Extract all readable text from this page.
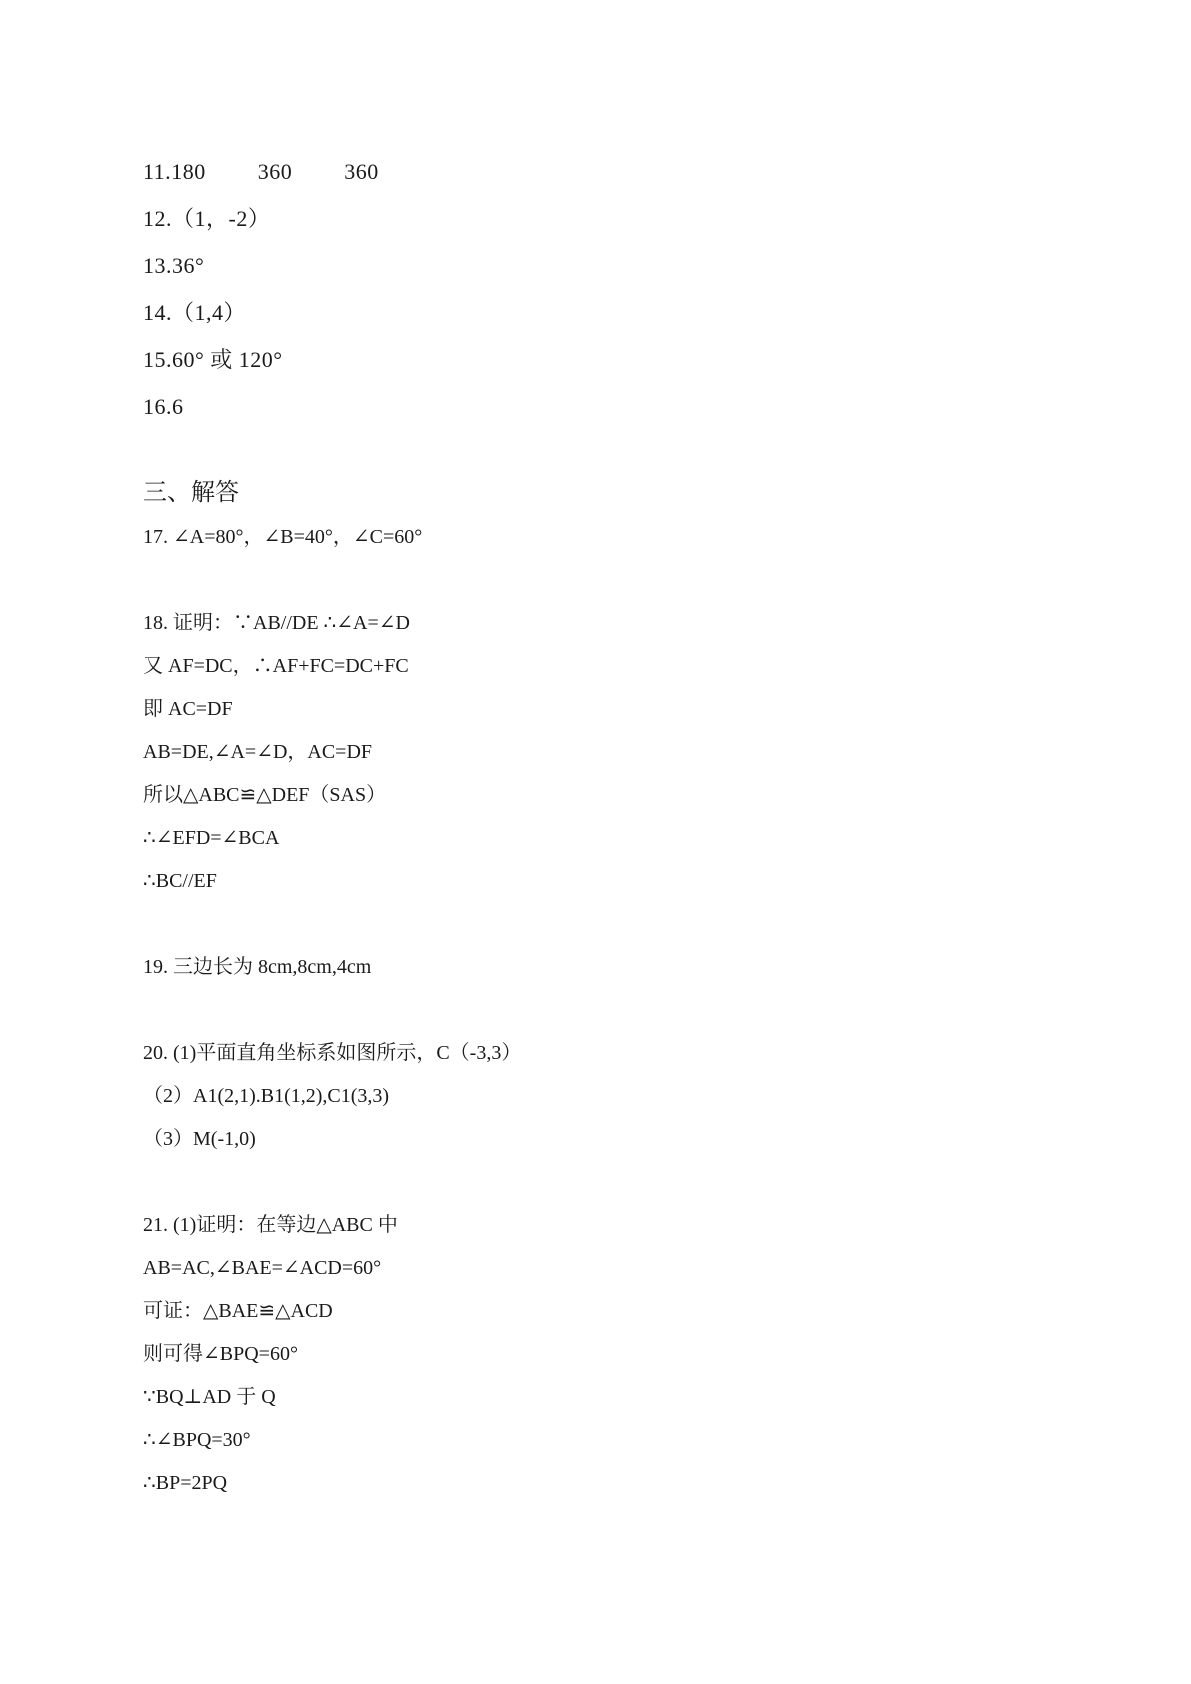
11.180 360 360
12.（1，-2）
13.36°
14.（1,4）
15.60° 或 120°
16.6
三、解答
17. ∠A=80°，∠B=40°，∠C=60°
18. 证明：∵AB//DE ∴∠A=∠D
又 AF=DC，∴AF+FC=DC+FC
即 AC=DF
AB=DE,∠A=∠D，AC=DF
所以△ABC≌△DEF（SAS）
∴∠EFD=∠BCA
∴BC//EF
19. 三边长为 8cm,8cm,4cm
20. (1)平面直角坐标系如图所示，C（-3,3）
（2）A1(2,1).B1(1,2),C1(3,3)
（3）M(-1,0)
21. (1)证明：在等边△ABC 中
AB=AC,∠BAE=∠ACD=60°
可证：△BAE≌△ACD
则可得∠BPQ=60°
∵BQ⊥AD 于 Q
∴∠BPQ=30°
∴BP=2PQ
